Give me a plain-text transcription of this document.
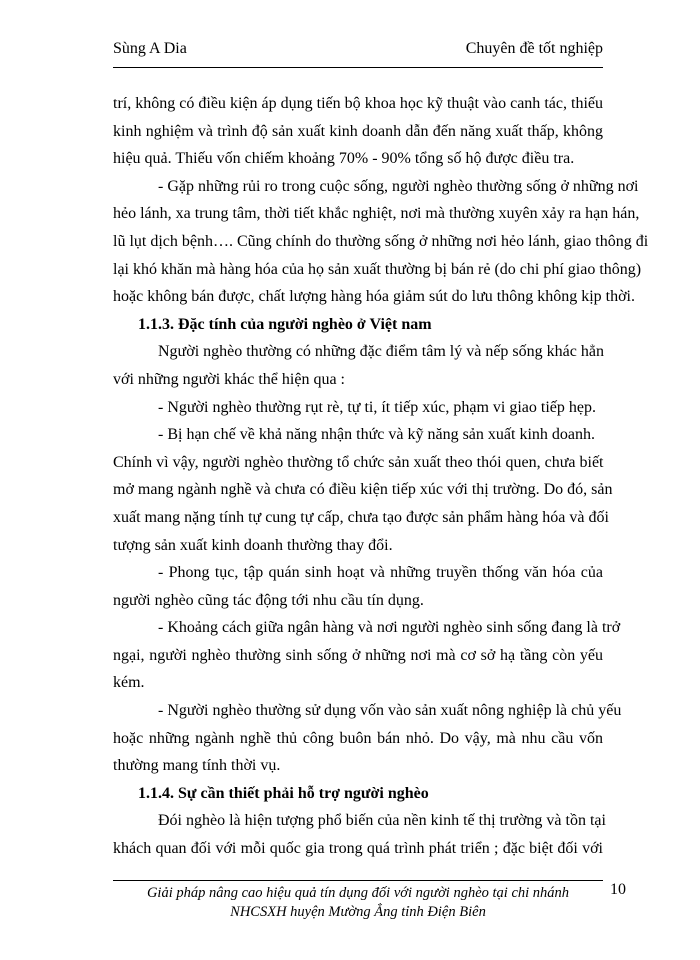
Sùng A Dia	Chuyên đề tốt nghiệp
trí, không có điều kiện áp dụng tiến bộ khoa học kỹ thuật vào canh tác, thiếu
kinh nghiệm và trình độ sản xuất kinh doanh dẫn đến năng xuất thấp, không
hiệu quả. Thiếu vốn chiếm khoảng 70% - 90% tổng số hộ được điều tra.
- Gặp những rủi ro trong cuộc sống, người nghèo thường sống ở những nơi
hẻo lánh, xa trung tâm, thời tiết khắc nghiệt, nơi mà thường xuyên xảy ra hạn hán,
lũ lụt dịch bệnh…. Cũng chính do thường sống ở những nơi hẻo lánh, giao thông đi
lại khó khăn mà hàng hóa của họ sản xuất thường bị bán rẻ (do chi phí giao thông)
hoặc không bán được, chất lượng hàng hóa giảm sút do lưu thông không kịp thời.
1.1.3. Đặc tính của người nghèo ở Việt nam
Người nghèo thường có những đặc điểm tâm lý và nếp sống khác hẳn
với những người khác thể hiện qua :
- Người nghèo thường rụt rè, tự ti, ít tiếp xúc, phạm vi giao tiếp hẹp.
- Bị hạn chế về khả năng nhận thức và kỹ năng sản xuất kinh doanh.
Chính vì vậy, người nghèo thường tổ chức sản xuất theo thói quen, chưa biết
mở mang ngành nghề và chưa có điều kiện tiếp xúc với thị trường. Do đó, sản
xuất mang nặng tính tự cung tự cấp, chưa tạo được sản phẩm hàng hóa và đối
tượng sản xuất kinh doanh thường thay đổi.
- Phong tục, tập quán sinh hoạt và những truyền thống văn hóa của
người nghèo cũng tác động tới nhu cầu tín dụng.
- Khoảng cách giữa ngân hàng và nơi người nghèo sinh sống đang là trở
ngại, người nghèo thường sinh sống ở những nơi mà cơ sở hạ tầng còn yếu
kém.
- Người nghèo thường sử dụng vốn vào sản xuất nông nghiệp là chủ yếu
hoặc những ngành nghề thủ công buôn bán nhỏ. Do vậy, mà nhu cầu vốn
thường mang tính thời vụ.
1.1.4. Sự cần thiết phải hỗ trợ người nghèo
Đói nghèo là hiện tượng phổ biến của nền kinh tế thị trường và tồn tại
khách quan đối với mỗi quốc gia trong quá trình phát triển ; đặc biệt đối với
Giải pháp nâng cao hiệu quả tín dụng đối với người nghèo tại chi nhánh
NHCSXH huyện Mường Ẳng tỉnh Điện Biên
10
